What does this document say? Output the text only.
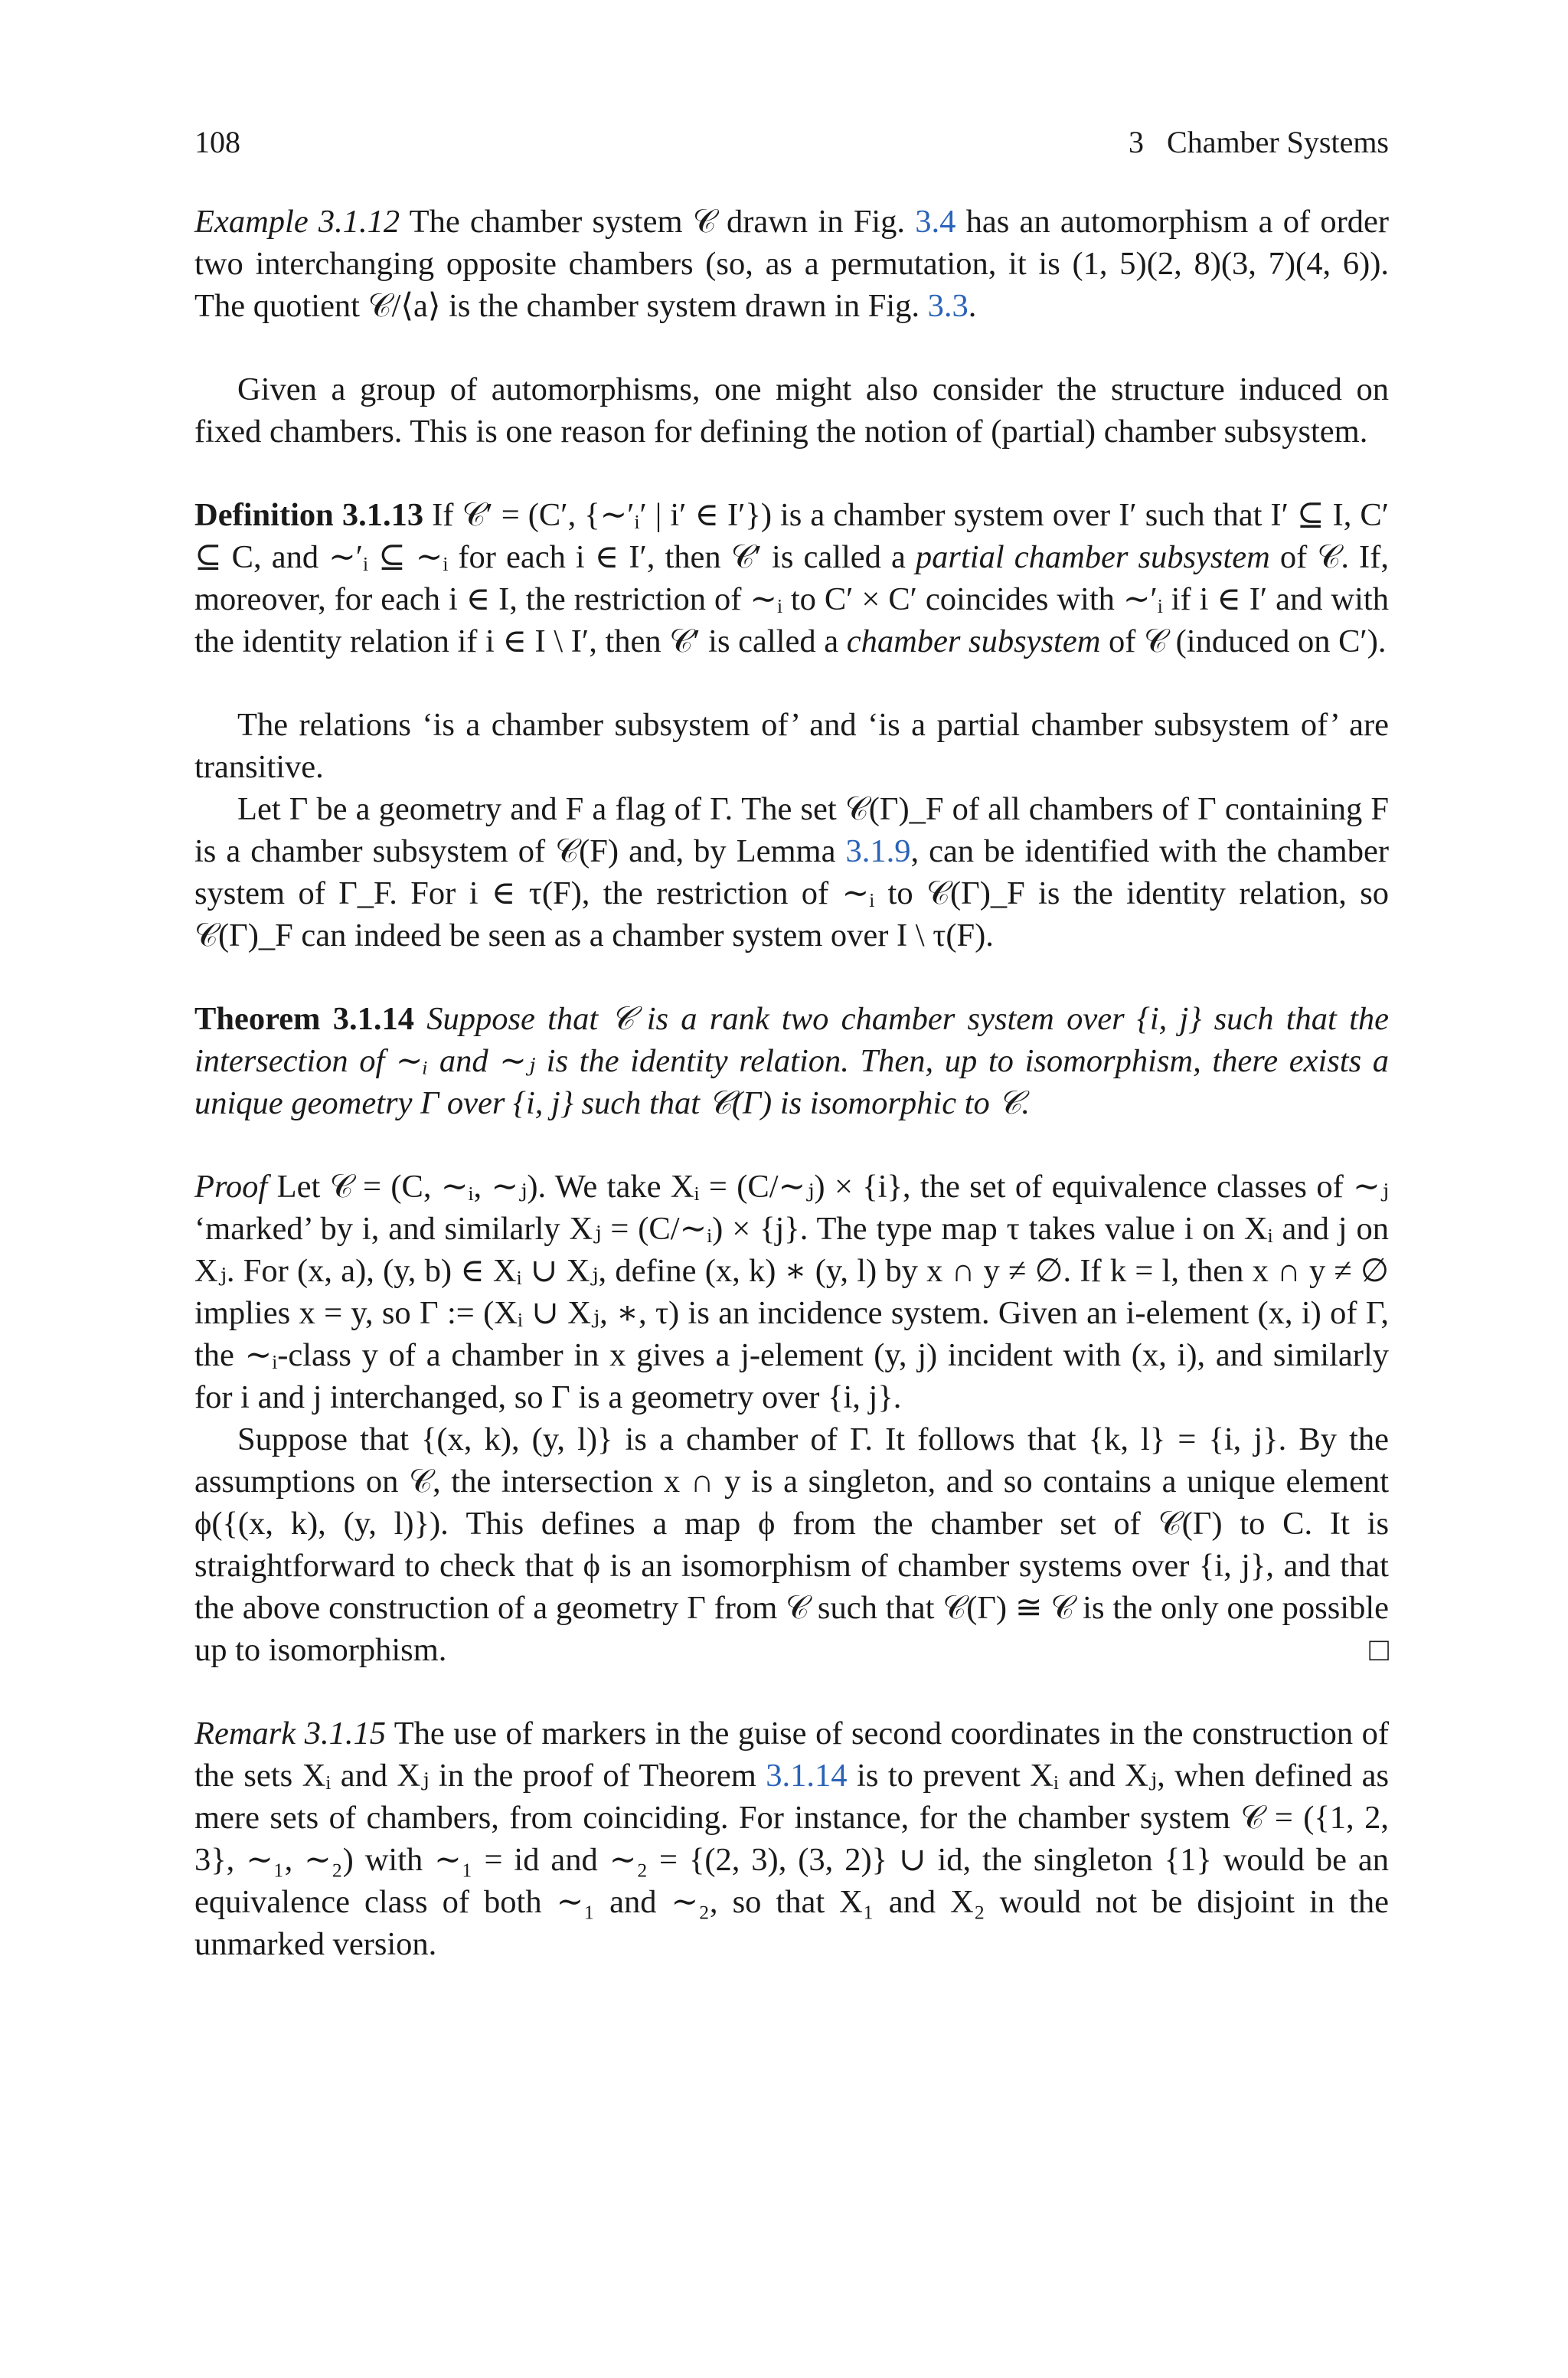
108	3   Chamber Systems

Example 3.1.12 The chamber system 𝒞 drawn in Fig. 3.4 has an automorphism a of order two interchanging opposite chambers (so, as a permutation, it is (1, 5)(2, 8)(3, 7)(4, 6)). The quotient 𝒞/⟨a⟩ is the chamber system drawn in Fig. 3.3.

Given a group of automorphisms, one might also consider the structure induced on fixed chambers. This is one reason for defining the notion of (partial) chamber subsystem.

Definition 3.1.13 If 𝒞′ = (C′, {∼′ᵢ′ | i′ ∈ I′}) is a chamber system over I′ such that I′ ⊆ I, C′ ⊆ C, and ∼′ᵢ ⊆ ∼ᵢ for each i ∈ I′, then 𝒞′ is called a partial chamber subsystem of 𝒞. If, moreover, for each i ∈ I, the restriction of ∼ᵢ to C′ × C′ coincides with ∼′ᵢ if i ∈ I′ and with the identity relation if i ∈ I \ I′, then 𝒞′ is called a chamber subsystem of 𝒞 (induced on C′).

The relations ‘is a chamber subsystem of’ and ‘is a partial chamber subsystem of’ are transitive.

Let Γ be a geometry and F a flag of Γ. The set 𝒞(Γ)_F of all chambers of Γ containing F is a chamber subsystem of 𝒞(F) and, by Lemma 3.1.9, can be identified with the chamber system of Γ_F. For i ∈ τ(F), the restriction of ∼ᵢ to 𝒞(Γ)_F is the identity relation, so 𝒞(Γ)_F can indeed be seen as a chamber system over I \ τ(F).

Theorem 3.1.14 Suppose that 𝒞 is a rank two chamber system over {i, j} such that the intersection of ∼ᵢ and ∼ⱼ is the identity relation. Then, up to isomorphism, there exists a unique geometry Γ over {i, j} such that 𝒞(Γ) is isomorphic to 𝒞.

Proof Let 𝒞 = (C, ∼ᵢ, ∼ⱼ). We take Xᵢ = (C/∼ⱼ) × {i}, the set of equivalence classes of ∼ⱼ ‘marked’ by i, and similarly Xⱼ = (C/∼ᵢ) × {j}. The type map τ takes value i on Xᵢ and j on Xⱼ. For (x, a), (y, b) ∈ Xᵢ ∪ Xⱼ, define (x, k) ∗ (y, l) by x ∩ y ≠ ∅. If k = l, then x ∩ y ≠ ∅ implies x = y, so Γ := (Xᵢ ∪ Xⱼ, ∗, τ) is an incidence system. Given an i-element (x, i) of Γ, the ∼ᵢ-class y of a chamber in x gives a j-element (y, j) incident with (x, i), and similarly for i and j interchanged, so Γ is a geometry over {i, j}.

Suppose that {(x, k), (y, l)} is a chamber of Γ. It follows that {k, l} = {i, j}. By the assumptions on 𝒞, the intersection x ∩ y is a singleton, and so contains a unique element ϕ({(x, k), (y, l)}). This defines a map ϕ from the chamber set of 𝒞(Γ) to C. It is straightforward to check that ϕ is an isomorphism of chamber systems over {i, j}, and that the above construction of a geometry Γ from 𝒞 such that 𝒞(Γ) ≅ 𝒞 is the only one possible up to isomorphism.	□

Remark 3.1.15 The use of markers in the guise of second coordinates in the construction of the sets Xᵢ and Xⱼ in the proof of Theorem 3.1.14 is to prevent Xᵢ and Xⱼ, when defined as mere sets of chambers, from coinciding. For instance, for the chamber system 𝒞 = ({1, 2, 3}, ∼₁, ∼₂) with ∼₁ = id and ∼₂ = {(2, 3), (3, 2)} ∪ id, the singleton {1} would be an equivalence class of both ∼₁ and ∼₂, so that X₁ and X₂ would not be disjoint in the unmarked version.
